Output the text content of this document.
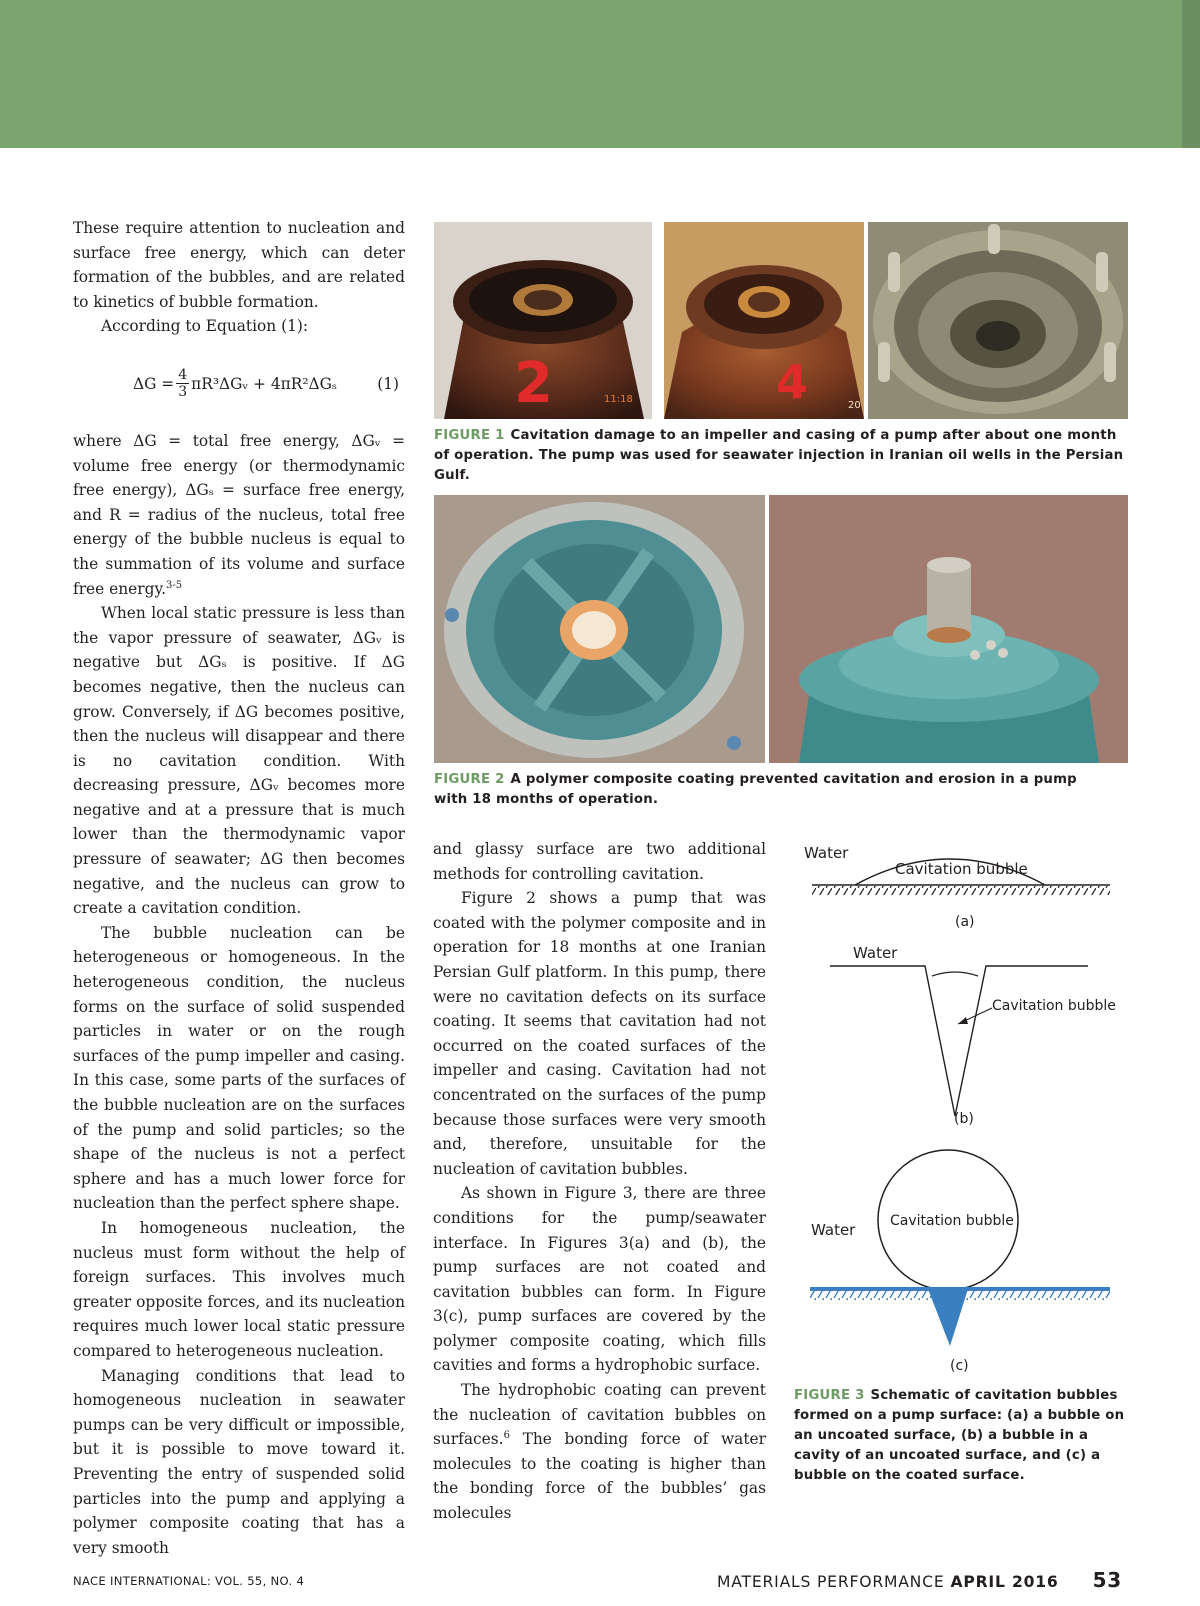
These require attention to nucleation and surface free energy, which can deter formation of the bubbles, and are related to kinetics of bubble formation.

According to Equation (1):

$\Delta G = \frac{4}{3}$ πR³ΔGᵥ + 4πR²ΔGₛ	(1)

where ΔG = total free energy, ΔGᵥ = volume free energy (or thermodynamic free energy), ΔGₛ = surface free energy, and R = radius of the nucleus, total free energy of the bubble nucleus is equal to the summation of its volume and surface free energy.$^{3-5}$

When local static pressure is less than the vapor pressure of seawater, ΔGᵥ is negative but ΔGₛ is positive. If ΔG becomes negative, then the nucleus can grow. Conversely, if ΔG becomes positive, then the nucleus will disappear and there is no cavitation condition. With decreasing pressure, ΔGᵥ becomes more negative and at a pressure that is much lower than the thermodynamic vapor pressure of seawater; ΔG then becomes negative, and the nucleus can grow to create a cavitation condition.

The bubble nucleation can be heterogeneous or homogeneous. In the heterogeneous condition, the nucleus forms on the surface of solid suspended particles in water or on the rough surfaces of the pump impeller and casing. In this case, some parts of the surfaces of the bubble nucleation are on the surfaces of the pump and solid particles; so the shape of the nucleus is not a perfect sphere and has a much lower force for nucleation than the perfect sphere shape.

In homogeneous nucleation, the nucleus must form without the help of foreign surfaces. This involves much greater opposite forces, and its nucleation requires much lower local static pressure compared to heterogeneous nucleation.

Managing conditions that lead to homogeneous nucleation in seawater pumps can be very difficult or impossible, but it is possible to move toward it. Preventing the entry of suspended solid particles into the pump and applying a polymer composite coating that has a very smooth

2	11:18	4	20
FIGURE 1 Cavitation damage to an impeller and casing of a pump after about one month of operation. The pump was used for seawater injection in Iranian oil wells in the Persian Gulf.
FIGURE 2 A polymer composite coating prevented cavitation and erosion in a pump with 18 months of operation.

and glassy surface are two additional methods for controlling cavitation.

Figure 2 shows a pump that was coated with the polymer composite and in operation for 18 months at one Iranian Persian Gulf platform. In this pump, there were no cavitation defects on its surface coating. It seems that cavitation had not occurred on the coated surfaces of the impeller and casing. Cavitation had not concentrated on the surfaces of the pump because those surfaces were very smooth and, therefore, unsuitable for the nucleation of cavitation bubbles.

As shown in Figure 3, there are three conditions for the pump/seawater interface. In Figures 3(a) and (b), the pump surfaces are not coated and cavitation bubbles can form. In Figure 3(c), pump surfaces are covered by the polymer composite coating, which fills cavities and forms a hydrophobic surface.

The hydrophobic coating can prevent the nucleation of cavitation bubbles on surfaces.$^6$ The bonding force of water molecules to the coating is higher than the bonding force of the bubbles’ gas molecules

Water
Cavitation bubble
(a)
Water
Cavitation bubble
(b)
Cavitation bubble
Water
(c)
FIGURE 3 Schematic of cavitation bubbles formed on a pump surface: (a) a bubble on an uncoated surface, (b) a bubble in a cavity of an uncoated surface, and (c) a bubble on the coated surface.
NACE INTERNATIONAL: VOL. 55, NO. 4	MATERIALS PERFORMANCE APRIL 2016 53
